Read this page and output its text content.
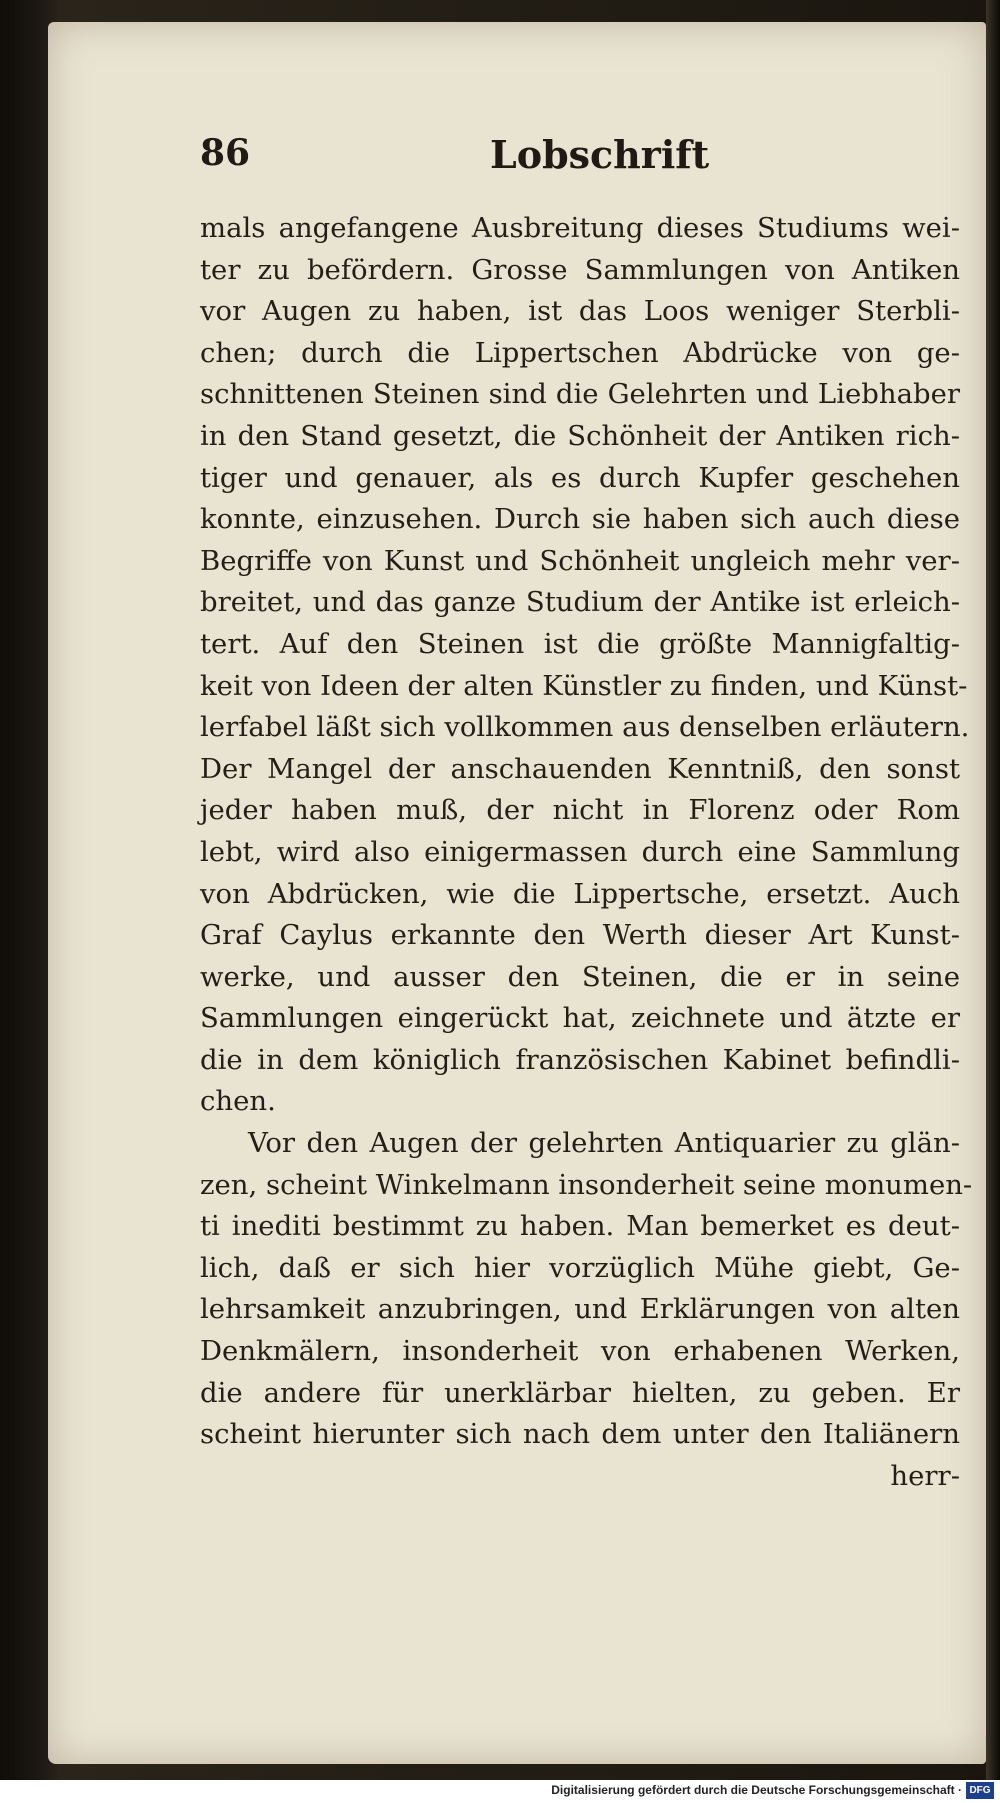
86	Lobschrift
mals angefangene Ausbreitung dieses Studiums wei-
ter zu befördern. Grosse Sammlungen von Antiken
vor Augen zu haben, ist das Loos weniger Sterbli-
chen; durch die Lippertschen Abdrücke von ge-
schnittenen Steinen sind die Gelehrten und Liebhaber
in den Stand gesetzt, die Schönheit der Antiken rich-
tiger und genauer, als es durch Kupfer geschehen
konnte, einzusehen. Durch sie haben sich auch diese
Begriffe von Kunst und Schönheit ungleich mehr ver-
breitet, und das ganze Studium der Antike ist erleich-
tert. Auf den Steinen ist die größte Mannigfaltig-
keit von Ideen der alten Künstler zu finden, und Künst-
lerfabel läßt sich vollkommen aus denselben erläutern.
Der Mangel der anschauenden Kenntniß, den sonst
jeder haben muß, der nicht in Florenz oder Rom
lebt, wird also einigermassen durch eine Sammlung
von Abdrücken, wie die Lippertsche, ersetzt. Auch
Graf Caylus erkannte den Werth dieser Art Kunst-
werke, und ausser den Steinen, die er in seine
Sammlungen eingerückt hat, zeichnete und ätzte er
die in dem königlich französischen Kabinet befindli-
chen.
Vor den Augen der gelehrten Antiquarier zu glän-
zen, scheint Winkelmann insonderheit seine monumen-
ti inediti bestimmt zu haben. Man bemerket es deut-
lich, daß er sich hier vorzüglich Mühe giebt, Ge-
lehrsamkeit anzubringen, und Erklärungen von alten
Denkmälern, insonderheit von erhabenen Werken,
die andere für unerklärbar hielten, zu geben. Er
scheint hierunter sich nach dem unter den Italiänern
herr-
Digitalisierung gefördert durch die Deutsche Forschungsgemeinschaft · DFG
